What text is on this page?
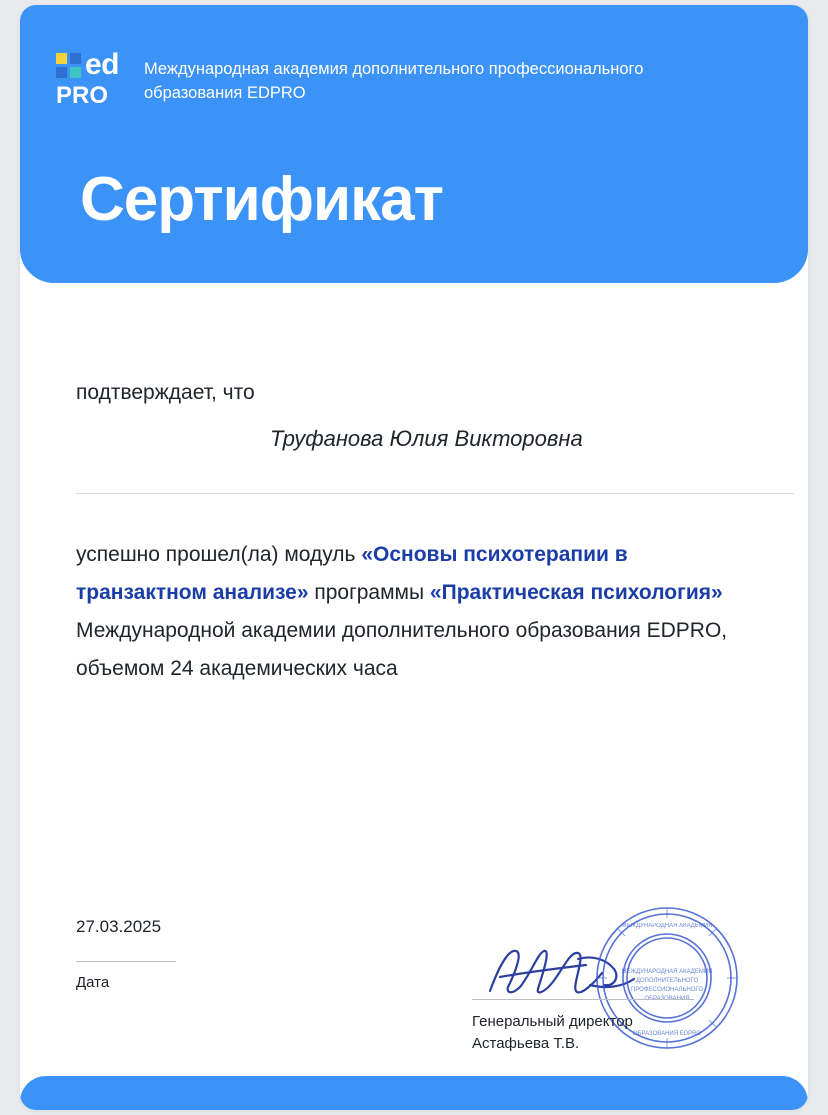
ed
PRO
Международная академия дополнительного профессионального образования EDPRO
Сертификат
подтверждает, что
Труфанова Юлия Викторовна
успешно прошел(ла) модуль «Основы психотерапии в транзактном анализе» программы «Практическая психология» Международной академии дополнительного образования EDPRO, объемом 24 академических часа
27.03.2025
Дата
МЕЖДУНАРОДНАЯ АКАДЕМИЯ
ОБРАЗОВАНИЯ EDPRO
МЕЖДУНАРОДНАЯ АКАДЕМИЯ
ДОПОЛНИТЕЛЬНОГО
ПРОФЕССИОНАЛЬНОГО
Генеральный директор
Астафьева Т.В.
